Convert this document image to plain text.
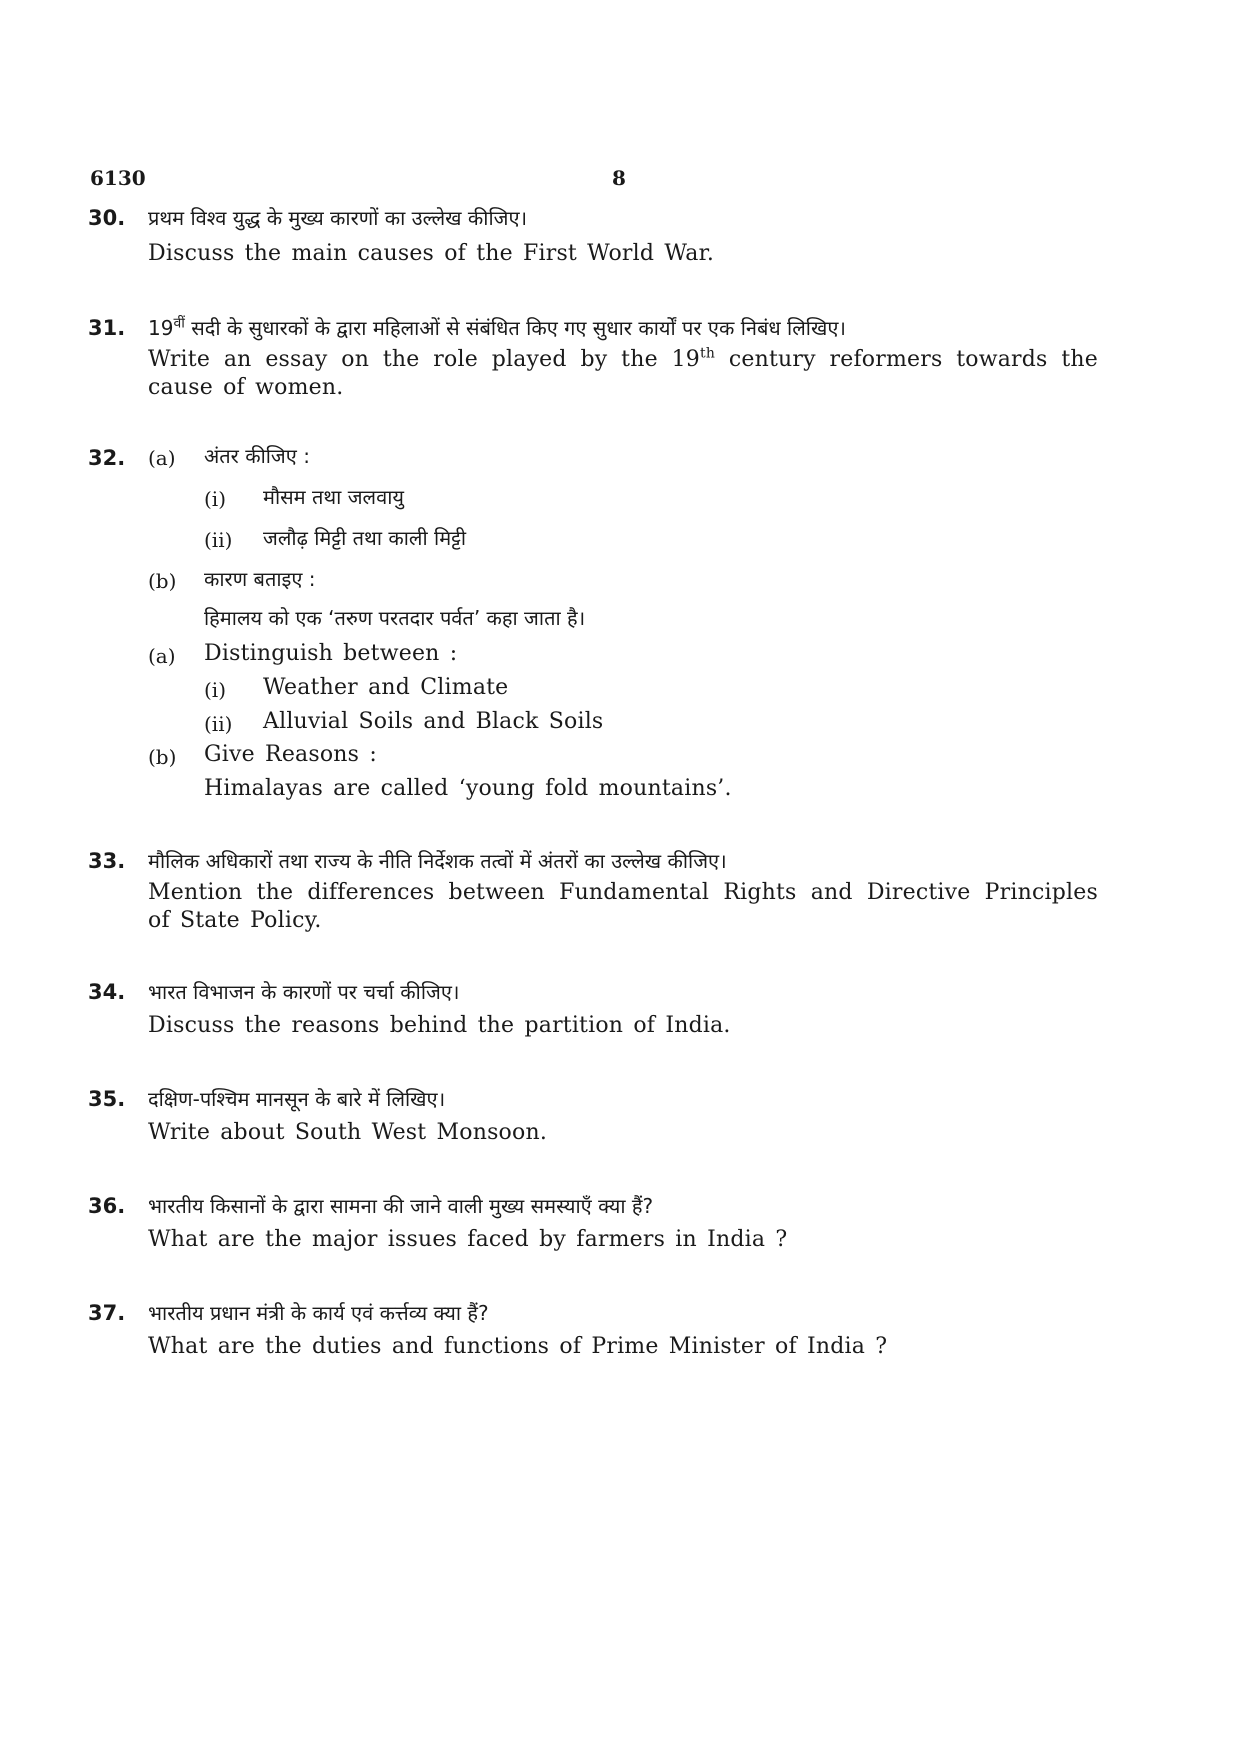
6130	8
30. प्रथम विश्व युद्ध के मुख्य कारणों का उल्लेख कीजिए।
Discuss the main causes of the First World War.
31. $19^{वीं}$ सदी के सुधारकों के द्वारा महिलाओं से संबंधित किए गए सुधार कार्यों पर एक निबंध लिखिए।
Write an essay on the role played by the 19th century reformers towards the cause of women.
32. (a) अंतर कीजिए :
(i) मौसम तथा जलवायु
(ii) जलौढ़ मिट्टी तथा काली मिट्टी
(b) कारण बताइए :
हिमालय को एक ‘तरुण परतदार पर्वत’ कहा जाता है।
(a) Distinguish between :
(i) Weather and Climate
(ii) Alluvial Soils and Black Soils
(b) Give Reasons :
Himalayas are called ‘young fold mountains’.
33. मौलिक अधिकारों तथा राज्य के नीति निर्देशक तत्वों में अंतरों का उल्लेख कीजिए।
Mention the differences between Fundamental Rights and Directive Principles of State Policy.
34. भारत विभाजन के कारणों पर चर्चा कीजिए।
Discuss the reasons behind the partition of India.
35. दक्षिण-पश्चिम मानसून के बारे में लिखिए।
Write about South West Monsoon.
36. भारतीय किसानों के द्वारा सामना की जाने वाली मुख्य समस्याएँ क्या हैं?
What are the major issues faced by farmers in India ?
37. भारतीय प्रधान मंत्री के कार्य एवं कर्त्तव्य क्या हैं?
What are the duties and functions of Prime Minister of India ?
